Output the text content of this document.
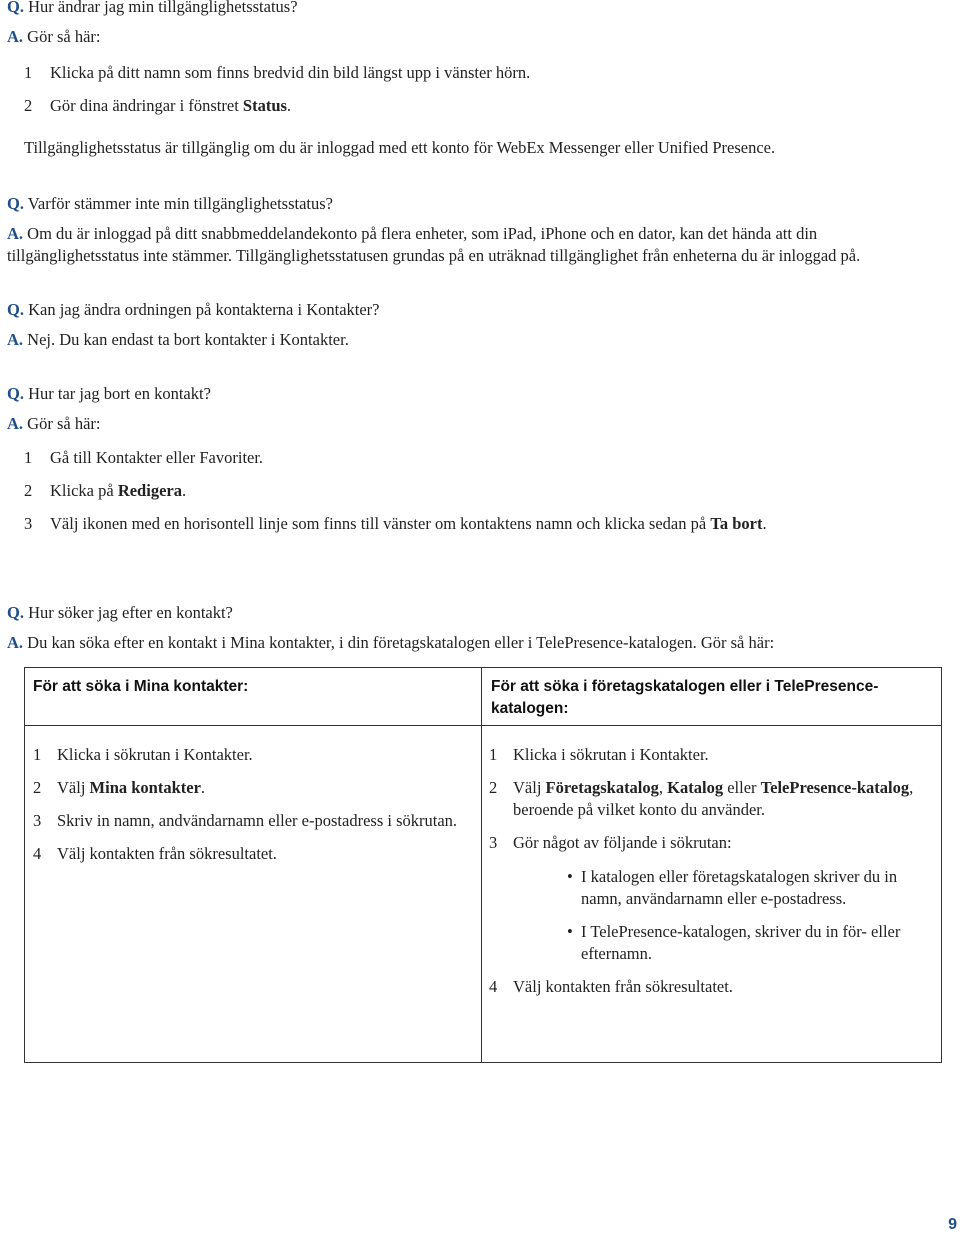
Q. Hur ändrar jag min tillgänglighetsstatus?

A. Gör så här:

1 Klicka på ditt namn som finns bredvid din bild längst upp i vänster hörn.
2 Gör dina ändringar i fönstret Status.

Tillgänglighetsstatus är tillgänglig om du är inloggad med ett konto för WebEx Messenger eller Unified Presence.

Q. Varför stämmer inte min tillgänglighetsstatus?

A. Om du är inloggad på ditt snabbmeddelandekonto på flera enheter, som iPad, iPhone och en dator, kan det hända att din tillgänglighetsstatus inte stämmer. Tillgänglighetsstatusen grundas på en uträknad tillgänglighet från enheterna du är inloggad på.

Q. Kan jag ändra ordningen på kontakterna i Kontakter?

A. Nej. Du kan endast ta bort kontakter i Kontakter.

Q. Hur tar jag bort en kontakt?

A. Gör så här:

1 Gå till Kontakter eller Favoriter.
2 Klicka på Redigera.
3 Välj ikonen med en horisontell linje som finns till vänster om kontaktens namn och klicka sedan på Ta bort.

Q. Hur söker jag efter en kontakt?

A. Du kan söka efter en kontakt i Mina kontakter, i din företagskatalogen eller i TelePresence-katalogen. Gör så här:

För att söka i Mina kontakter:	För att söka i företagskatalogen eller i TelePresence-katalogen:
1 Klicka i sökrutan i Kontakter.
2 Välj Mina kontakter.
3 Skriv in namn, andvändarnamn eller e-postadress i sökrutan.
4 Välj kontakten från sökresultatet.
1 Klicka i sökrutan i Kontakter.
2 Välj Företagskatalog, Katalog eller TelePresence-katalog, beroende på vilket konto du använder.
3 Gör något av följande i sökrutan:
• I katalogen eller företagskatalogen skriver du in namn, användarnamn eller e-postadress.
• I TelePresence-katalogen, skriver du in för- eller efternamn.
4 Välj kontakten från sökresultatet.
9
